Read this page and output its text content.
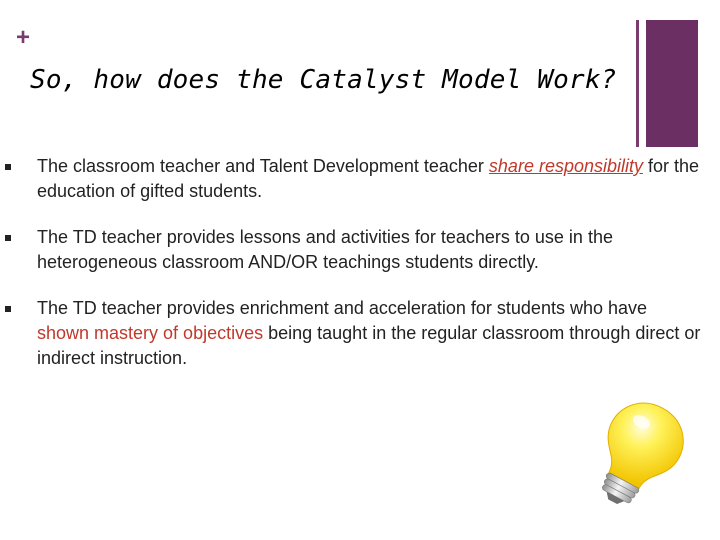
+
So, how does the Catalyst Model Work?
The classroom teacher and Talent Development teacher share responsibility for the education of gifted students.
The TD teacher provides lessons and activities for teachers to use in the heterogeneous classroom AND/OR teachings students directly.
The TD teacher provides enrichment and acceleration for students who have shown mastery of objectives being taught in the regular classroom through direct or indirect instruction.
